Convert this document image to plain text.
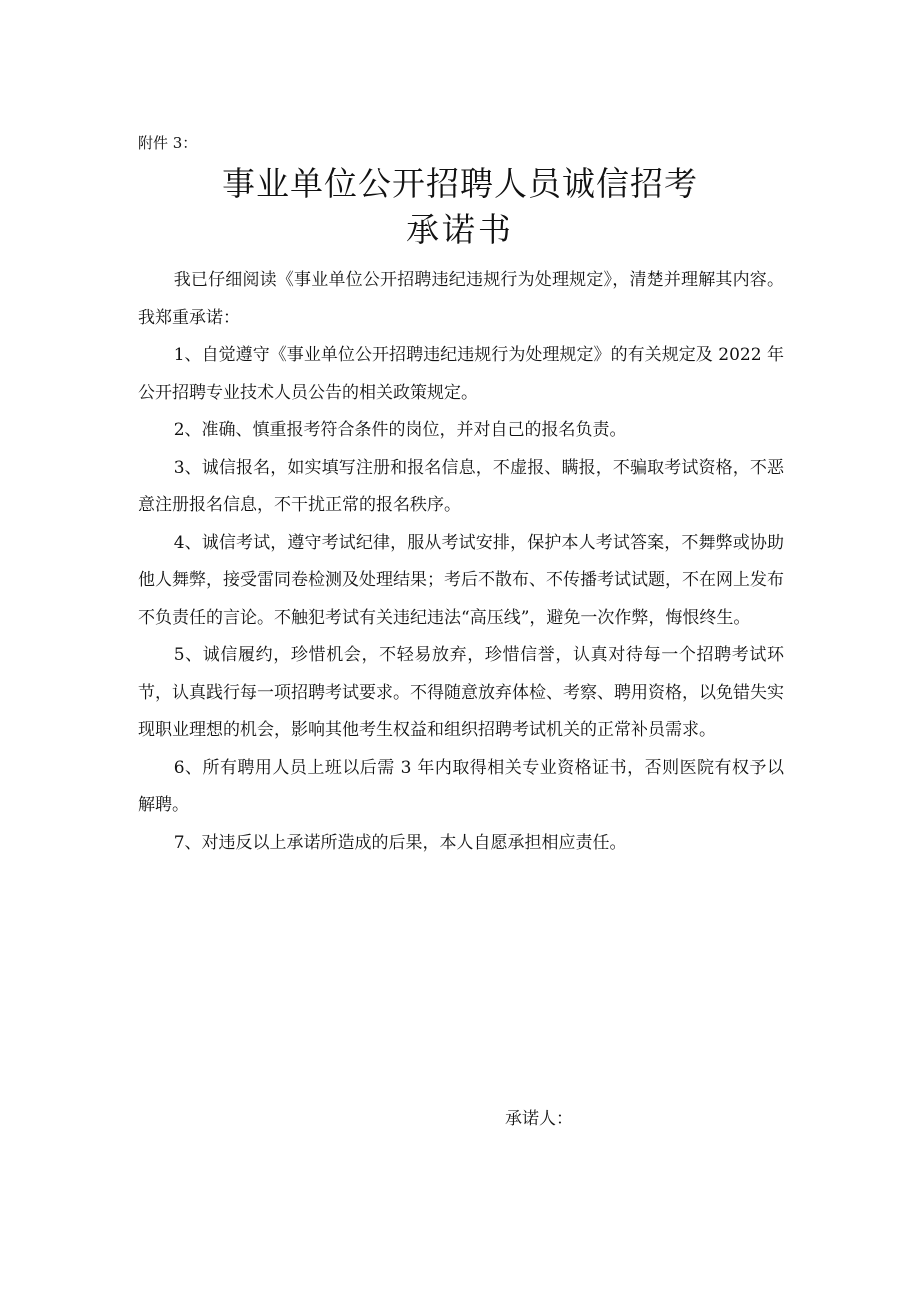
附件 3：
事业单位公开招聘人员诚信招考
承诺书

我已仔细阅读《事业单位公开招聘违纪违规行为处理规定》，清楚并理解其内容。我郑重承诺：

1、自觉遵守《事业单位公开招聘违纪违规行为处理规定》的有关规定及 2022 年公开招聘专业技术人员公告的相关政策规定。

2、准确、慎重报考符合条件的岗位，并对自己的报名负责。

3、诚信报名，如实填写注册和报名信息，不虚报、瞒报，不骗取考试资格，不恶意注册报名信息，不干扰正常的报名秩序。

4、诚信考试，遵守考试纪律，服从考试安排，保护本人考试答案，不舞弊或协助他人舞弊，接受雷同卷检测及处理结果；考后不散布、不传播考试试题，不在网上发布不负责任的言论。不触犯考试有关违纪违法“高压线”，避免一次作弊，悔恨终生。

5、诚信履约，珍惜机会，不轻易放弃，珍惜信誉，认真对待每一个招聘考试环节，认真践行每一项招聘考试要求。不得随意放弃体检、考察、聘用资格，以免错失实现职业理想的机会，影响其他考生权益和组织招聘考试机关的正常补员需求。

6、所有聘用人员上班以后需 3 年内取得相关专业资格证书，否则医院有权予以解聘。

7、对违反以上承诺所造成的后果，本人自愿承担相应责任。

承诺人：
